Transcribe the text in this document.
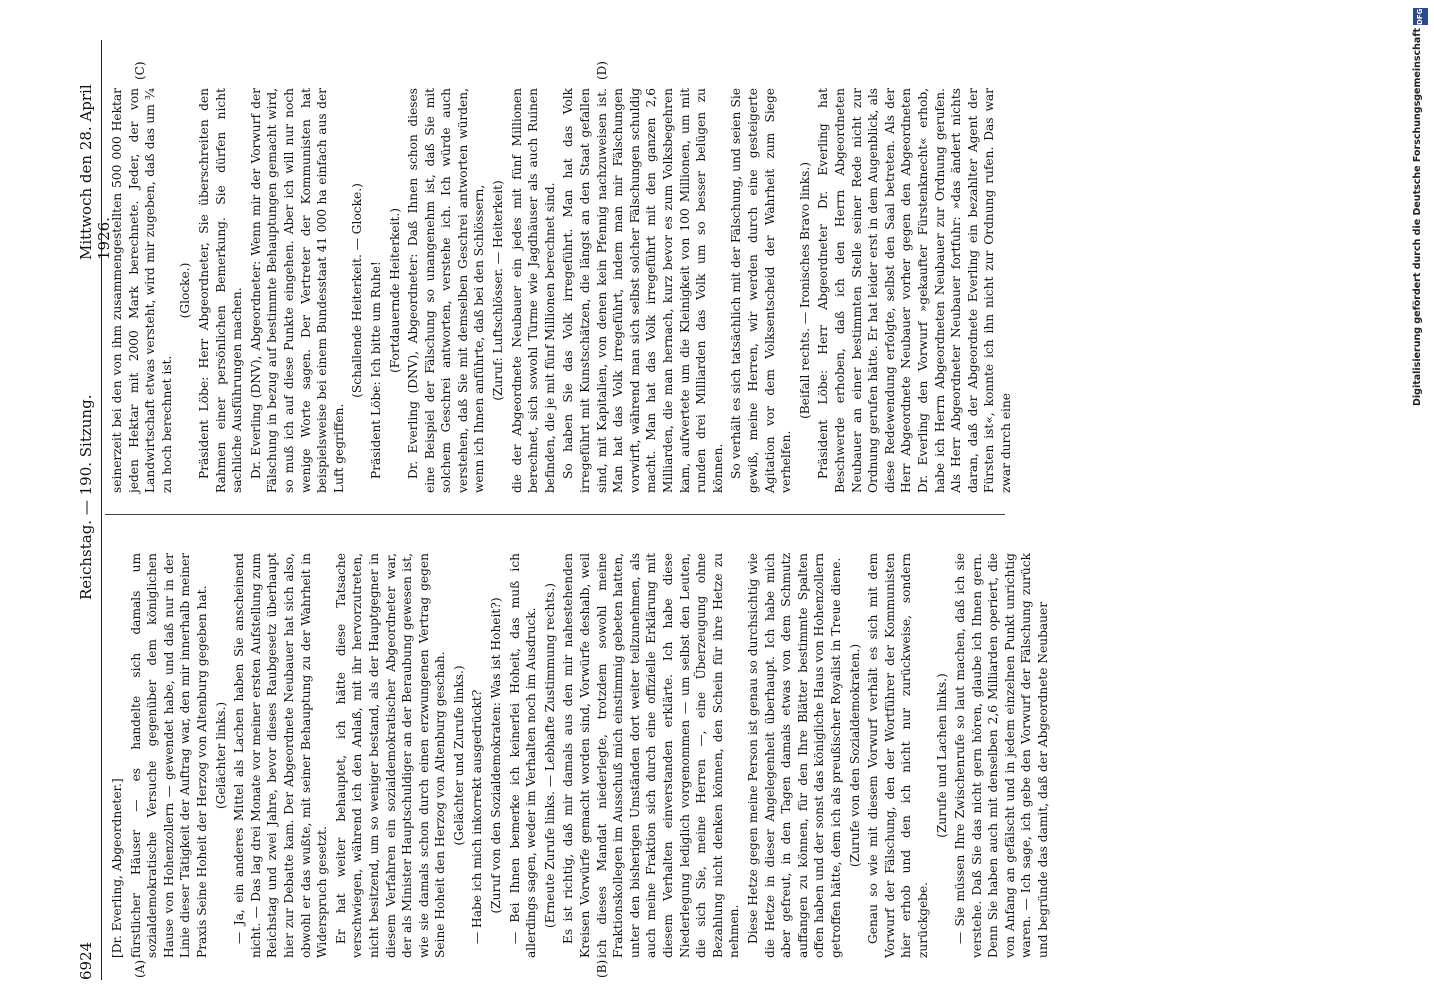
6924
Reichstag. — 190. Sitzung.
Mittwoch den 28. April 1926.
(A)	(B)

[Dr. Everling, Abgeordneter.] fürstlicher Häuser — es handelte sich damals um sozialdemokratische Versuche gegenüber dem königlichen Hause von Hohenzollern — gewendet habe, und daß nur in der Linie dieser Tätigkeit der Auftrag war, den mir innerhalb meiner Praxis Seine Hoheit der Herzog von Altenburg gegeben hat. (Gelächter links.) — Ja, ein anderes Mittel als Lachen haben Sie anscheinend nicht. — Das lag drei Monate vor meiner ersten Aufstellung zum Reichstag und zwei Jahre, bevor dieses Raubgesetz überhaupt hier zur Debatte kam. Der Abgeordnete Neubauer hat sich also, obwohl er das wußte, mit seiner Behauptung zu der Wahrheit in Widerspruch gesetzt. Er hat weiter behauptet, ich hätte diese Tatsache verschwiegen, während ich den Anlaß, mit ihr hervorzutreten, nicht besitzend, um so weniger bestand, als der Hauptgegner in diesem Verfahren ein sozialdemokratischer Abgeordneter war, der als Minister Hauptschuldiger an der Beraubung gewesen ist, wie sie damals schon durch einen erzwungenen Vertrag gegen Seine Hoheit den Herzog von Altenburg geschah. (Gelächter und Zurufe links.) — Habe ich mich inkorrekt ausgedrückt? (Zuruf von den Sozialdemokraten: Was ist Hoheit?) — Bei Ihnen bemerke ich keinerlei Hoheit, das muß ich allerdings sagen, weder im Verhalten noch im Ausdruck. (Erneute Zurufe links. — Lebhafte Zustimmung rechts.) Es ist richtig, daß mir damals aus den mir nahestehenden Kreisen Vorwürfe gemacht worden sind, Vorwürfe deshalb, weil ich dieses Mandat niederlegte, trotzdem sowohl meine Fraktionskollegen im Ausschuß mich einstimmig gebeten hatten, unter den bisherigen Umständen dort weiter teilzunehmen, als auch meine Fraktion sich durch eine offizielle Erklärung mit diesem Verhalten einverstanden erklärte. Ich habe diese Niederlegung lediglich vorgenommen — um selbst den Leuten, die sich Sie, meine Herren —, eine Überzeugung ohne Bezahlung nicht denken können, den Schein für ihre Hetze zu nehmen. Diese Hetze gegen meine Person ist genau so durchsichtig wie die Hetze in dieser Angelegenheit überhaupt. Ich habe mich aber gefreut, in den Tagen damals etwas von dem Schmutz auffangen zu können, für den Ihre Blätter bestimmte Spalten offen haben und der sonst das königliche Haus von Hohenzollern getroffen hätte, dem ich als preußischer Royalist in Treue diene. (Zurufe von den Sozialdemokraten.) Genau so wie mit diesem Vorwurf verhält es sich mit dem Vorwurf der Fälschung, den der Wortführer der Kommunisten hier erhob und den ich nicht nur zurückweise, sondern zurückgebe.

(Zurufe und Lachen links.) — Sie müssen Ihre Zwischenrufe so laut machen, daß ich sie verstehe. Daß Sie das nicht gern hören, glaube ich Ihnen gern. Denn Sie haben auch mit denselben 2,6 Milliarden operiert, die von Anfang an gefälscht und in jedem einzelnen Punkt unrichtig waren. — Ich sage, ich gebe den Vorwurf der Fälschung zurück und begründe das damit, daß der Abgeordnete Neubauer

(C)	(D)

seinerzeit bei den von ihm zusammengestellten 500 000 Hektar jeden Hektar mit 2000 Mark berechnete. Jeder, der von Landwirtschaft etwas versteht, wird mir zugeben, daß das um ¾ zu hoch berechnet ist.

(Glocke.) Präsident Löbe: Herr Abgeordneter, Sie überschreiten den Rahmen einer persönlichen Bemerkung. Sie dürfen nicht sachliche Ausführungen machen. Dr. Everling (DNV), Abgeordneter: Wenn mir der Vorwurf der Fälschung in bezug auf bestimmte Behauptungen gemacht wird, so muß ich auf diese Punkte eingehen. Aber ich will nur noch wenige Worte sagen. Der Vertreter der Kommunisten hat beispielsweise bei einem Bundesstaat 41 000 ha einfach aus der Luft gegriffen.

(Schallende Heiterkeit. — Glocke.) Präsident Löbe: Ich bitte um Ruhe! (Fortdauernde Heiterkeit.) Dr. Everling (DNV), Abgeordneter: Daß Ihnen schon dieses eine Beispiel der Fälschung so unangenehm ist, daß Sie mit solchem Geschrei antworten, verstehe ich. Ich würde auch verstehen, daß Sie mit demselben Geschrei antworten würden, wenn ich Ihnen anführte, daß bei den Schlössern, (Zuruf: Luftschlösser. — Heiterkeit) die der Abgeordnete Neubauer ein jedes mit fünf Millionen berechnet, sich sowohl Türme wie Jagdhäuser als auch Ruinen befinden, die je mit fünf Millionen berechnet sind. So haben Sie das Volk irregeführt. Man hat das Volk irregeführt mit Kunstschätzen, die längst an den Staat gefallen sind, mit Kapitalien, von denen kein Pfennig nachzuweisen ist. Man hat das Volk irregeführt, indem man mir Fälschungen vorwirft, während man sich selbst solcher Fälschungen schuldig macht. Man hat das Volk irregeführt mit den ganzen 2,6 Milliarden, die man hernach, kurz bevor es zum Volksbegehren kam, aufwertete um die Kleinigkeit von 100 Millionen, um mit runden drei Milliarden das Volk um so besser belügen zu können. So verhält es sich tatsächlich mit der Fälschung, und seien Sie gewiß, meine Herren, wir werden durch eine gesteigerte Agitation vor dem Volksentscheid der Wahrheit zum Siege verhelfen.

(Beifall rechts. — Ironisches Bravo links.) Präsident Löbe: Herr Abgeordneter Dr. Everling hat Beschwerde erhoben, daß ich den Herrn Abgeordneten Neubauer an einer bestimmten Stelle seiner Rede nicht zur Ordnung gerufen hätte. Er hat leider erst in dem Augenblick, als diese Redewendung erfolgte, selbst den Saal betreten. Als der Herr Abgeordnete Neubauer vorher gegen den Abgeordneten Dr. Everling den Vorwurf »gekaufter Fürstenknecht« erhob, habe ich Herrn Abgeordneten Neubauer zur Ordnung gerufen. Als Herr Abgeordneter Neubauer fortfuhr: »das ändert nichts daran, daß der Abgeordnete Everling ein bezahlter Agent der Fürsten ist«, konnte ich ihn nicht zur Ordnung rufen. Das war zwar durch eine

DFG
Digitalisierung gefördert durch die Deutsche Forschungsgemeinschaft
